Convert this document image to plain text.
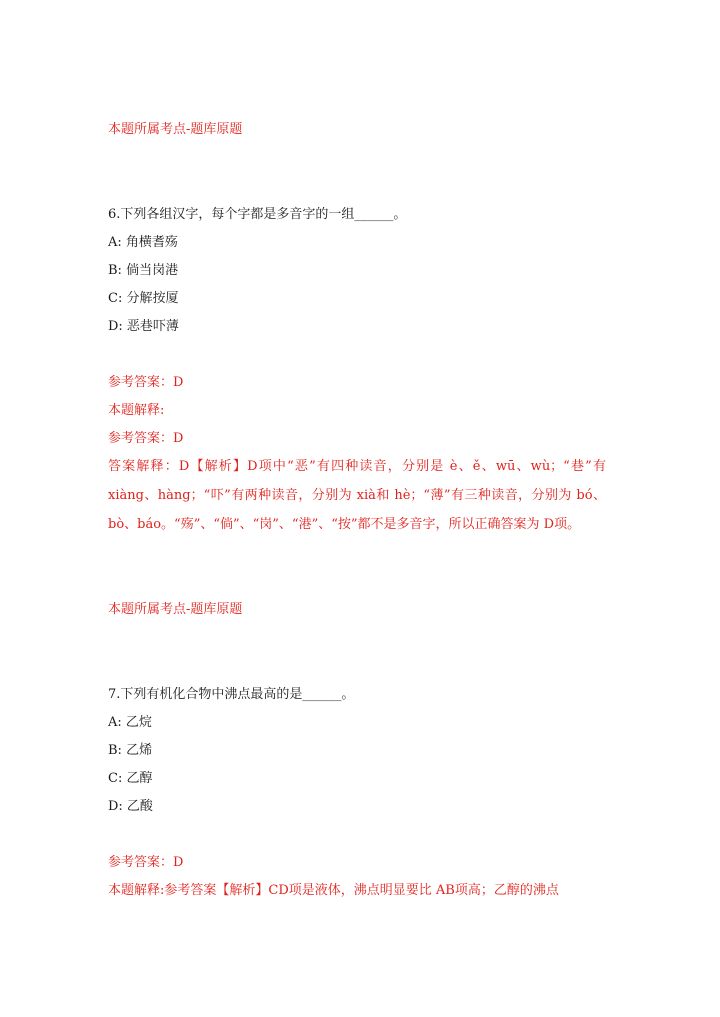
本题所属考点-题库原题
6.下列各组汉字，每个字都是多音字的一组______。
A: 角横耆殇
B: 倘当岗港
C: 分解按厦
D: 恶巷吓薄
参考答案：D
本题解释:
参考答案：D
答案解释：D【解析】D项中“恶”有四种读音，分别是 è、ě、wū、wù；“巷”有 xiàng、hàng；“吓”有两种读音，分别为 xià和 hè；“薄”有三种读音，分别为 bó、bò、báo。“殇”、“倘”、“岗”、“港”、“按”都不是多音字，所以正确答案为 D项。
本题所属考点-题库原题
7.下列有机化合物中沸点最高的是______。
A: 乙烷
B: 乙烯
C: 乙醇
D: 乙酸
参考答案：D
本题解释:参考答案【解析】CD项是液体，沸点明显要比 AB项高；乙醇的沸点
